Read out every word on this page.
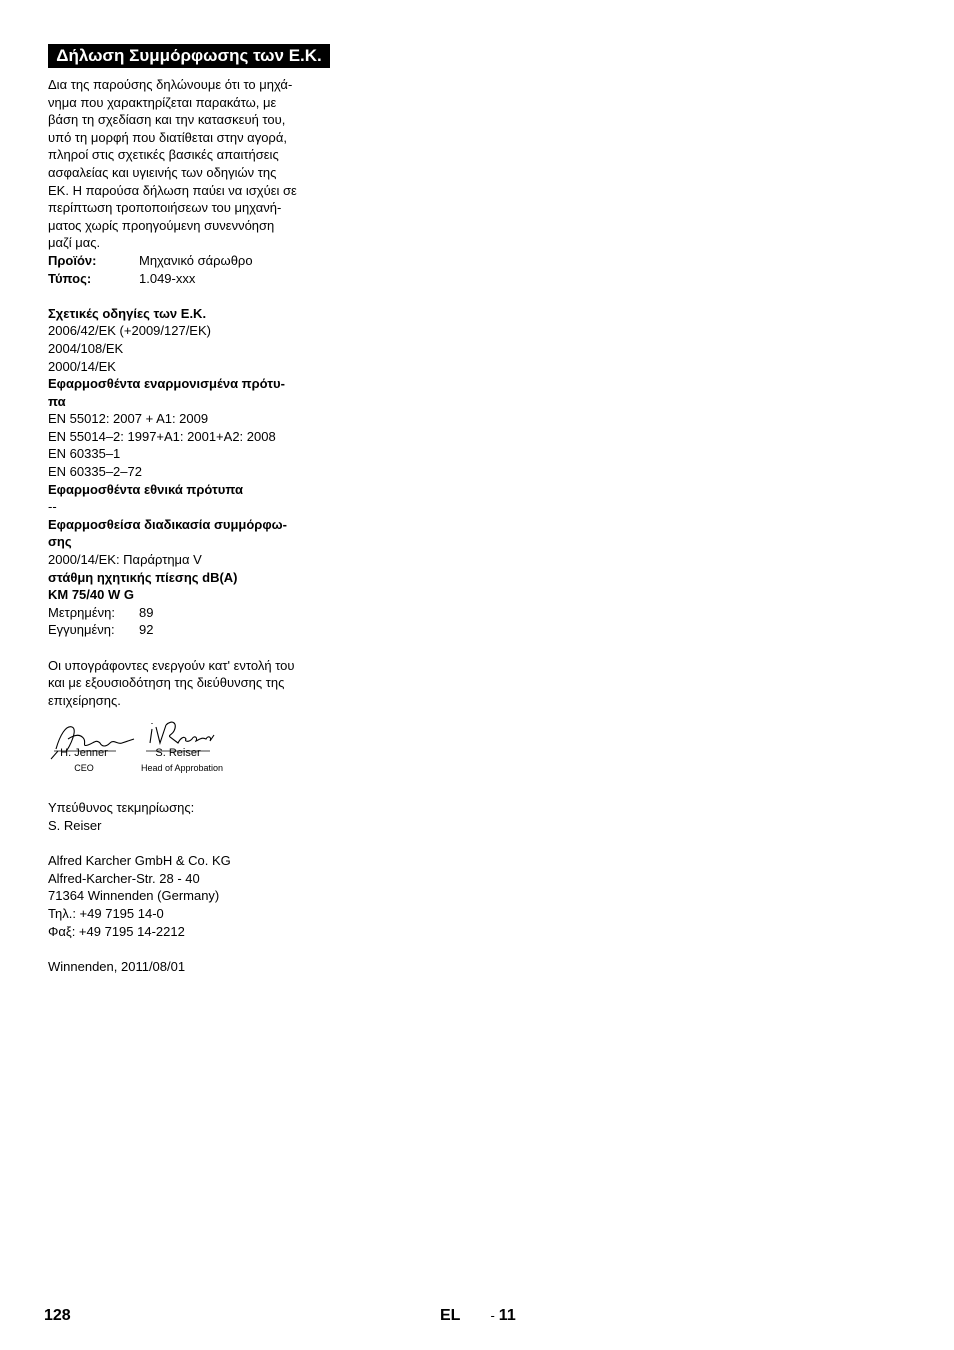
Δήλωση Συμμόρφωσης των Ε.Κ.
Δια της παρούσης δηλώνουμε ότι το μηχά-
νημα που χαρακτηρίζεται παρακάτω, με
βάση τη σχεδίαση και την κατασκευή του,
υπό τη μορφή που διατίθεται στην αγορά,
πληροί στις σχετικές βασικές απαιτήσεις
ασφαλείας και υγιεινής των οδηγιών της
ΕΚ. Η παρούσα δήλωση παύει να ισχύει σε
περίπτωση τροποποιήσεων του μηχανή-
ματος χωρίς προηγούμενη συνεννόηση
μαζί μας.
Προϊόν:	Μηχανικό σάρωθρο
Τύπος:	1.049-xxx
Σχετικές οδηγίες των Ε.Κ.
2006/42/ΕΚ (+2009/127/ΕΚ)
2004/108/ΕΚ
2000/14/ΕΚ
Εφαρμοσθέντα εναρμονισμένα πρότυ-
πα
EN 55012: 2007 + A1: 2009
EN 55014–2: 1997+A1: 2001+A2: 2008
EN 60335–1
EN 60335–2–72
Εφαρμοσθέντα εθνικά πρότυπα
--
Εφαρμοσθείσα διαδικασία συμμόρφω-
σης
2000/14/ΕΚ: Παράρτημα V
στάθμη ηχητικής πίεσης dB(A)
KM 75/40 W G
Μετρημένη:	89
Εγγυημένη:	92
Οι υπογράφοντες ενεργούν κατ' εντολή του
και με εξουσιοδότηση της διεύθυνσης της
επιχείρησης.
H. Jenner
CEO
S. Reiser
Head of Approbation
Υπεύθυνος τεκμηρίωσης:
S. Reiser
Alfred Karcher GmbH & Co. KG
Alfred-Karcher-Str. 28 - 40
71364 Winnenden (Germany)
Τηλ.: +49 7195 14-0
Φαξ: +49 7195 14-2212
Winnenden, 2011/08/01
128	EL - 11
